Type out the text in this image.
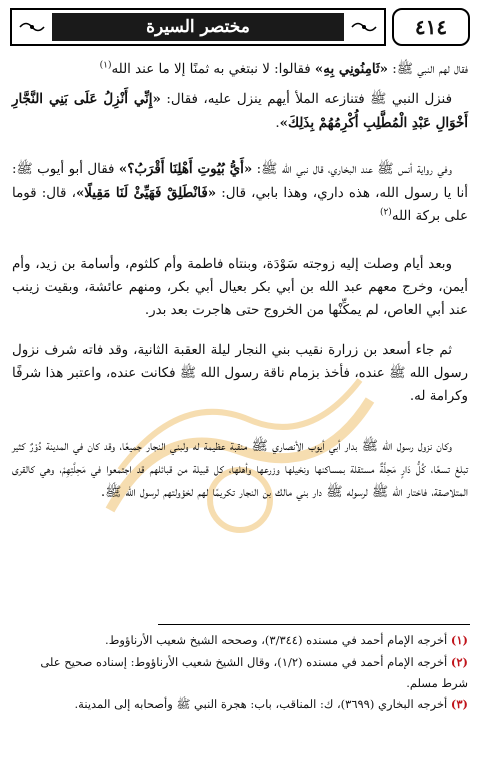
مختصر السيرة	٤١٤

فقال لهم النبي ﷺ: «ثَامِنُونِي بِهِ» فقالوا: لا نبتغي به ثمنًا إلا ما عند الله$^{(١)}$

فنزل النبي ﷺ فتنازعه الملأ أيهم ينزل عليه، فقال: «إِنِّي أَنْزِلُ عَلَى بَنِي النَّجَّارِ أَخْوَالِ عَبْدِ الْمُطَّلِبِ أُكْرِمُهُمْ بِذَلِكَ».

وفي رواية أنس ﷺ عند البخاري، قال نبي الله ﷺ: «أَيُّ بُيُوتِ أَهْلِنَا أَقْرَبُ؟» فقال أبو أيوب ﷺ: أنا يا رسول الله، هذه داري، وهذا بابي، قال: «فَانْطَلِقْ فَهَيِّئْ لَنَا مَقِيلًا»، قال: قوما على بركة الله$^{(٢)}$

وبعد أيام وصلت إليه زوجته سَوْدَة، وبنتاه فاطمة وأم كلثوم، وأسامة بن زيد، وأم أيمن، وخرج معهم عبد الله بن أبي بكر بعيال أبي بكر، ومنهم عائشة، وبقيت زينب عند أبي العاص، لم يمكِّنْها من الخروج حتى هاجرت بعد بدر.

ثم جاء أسعد بن زرارة نقيب بني النجار ليلة العقبة الثانية، وقد فاته شرف نزول رسول الله ﷺ عنده، فأخذ بزمام ناقة رسول الله ﷺ فكانت عنده، واعتبر هذا شرفًا وكرامة له.

وكان نزول رسول الله ﷺ بدار أبي أيوب الأنصاري ﷺ منقبة عظيمة له ولبني النجار جميعًا، وقد كان في المدينة دُوْرٌ كثير تبلغ تسعًا، كُلُّ دَارٍ مَحِلَّةٌ مستقلة بمساكنها ونخيلها وزرعها وأهلها، كل قبيلة من قبائلهم قد اجتمعوا في مَحِلَّتِهِمْ، وهي كالقرى المتلاصقة، فاختار الله ﷺ لرسوله ﷺ دار بني مالك بن النجار تكريمًا لهم لخؤولتهم لرسول الله ﷺ.

(١) أخرجه الإمام أحمد في مسنده (٣/٣٤٤)، وصححه الشيخ شعيب الأرناؤوط.
(٢) أخرجه الإمام أحمد في مسنده (١/٢)، وقال الشيخ شعيب الأرناؤوط: إسناده صحيح على شرط مسلم.
(٣) أخرجه البخاري (٣٦٩٩)، ك: المناقب، باب: هجرة النبي ﷺ وأصحابه إلى المدينة.
